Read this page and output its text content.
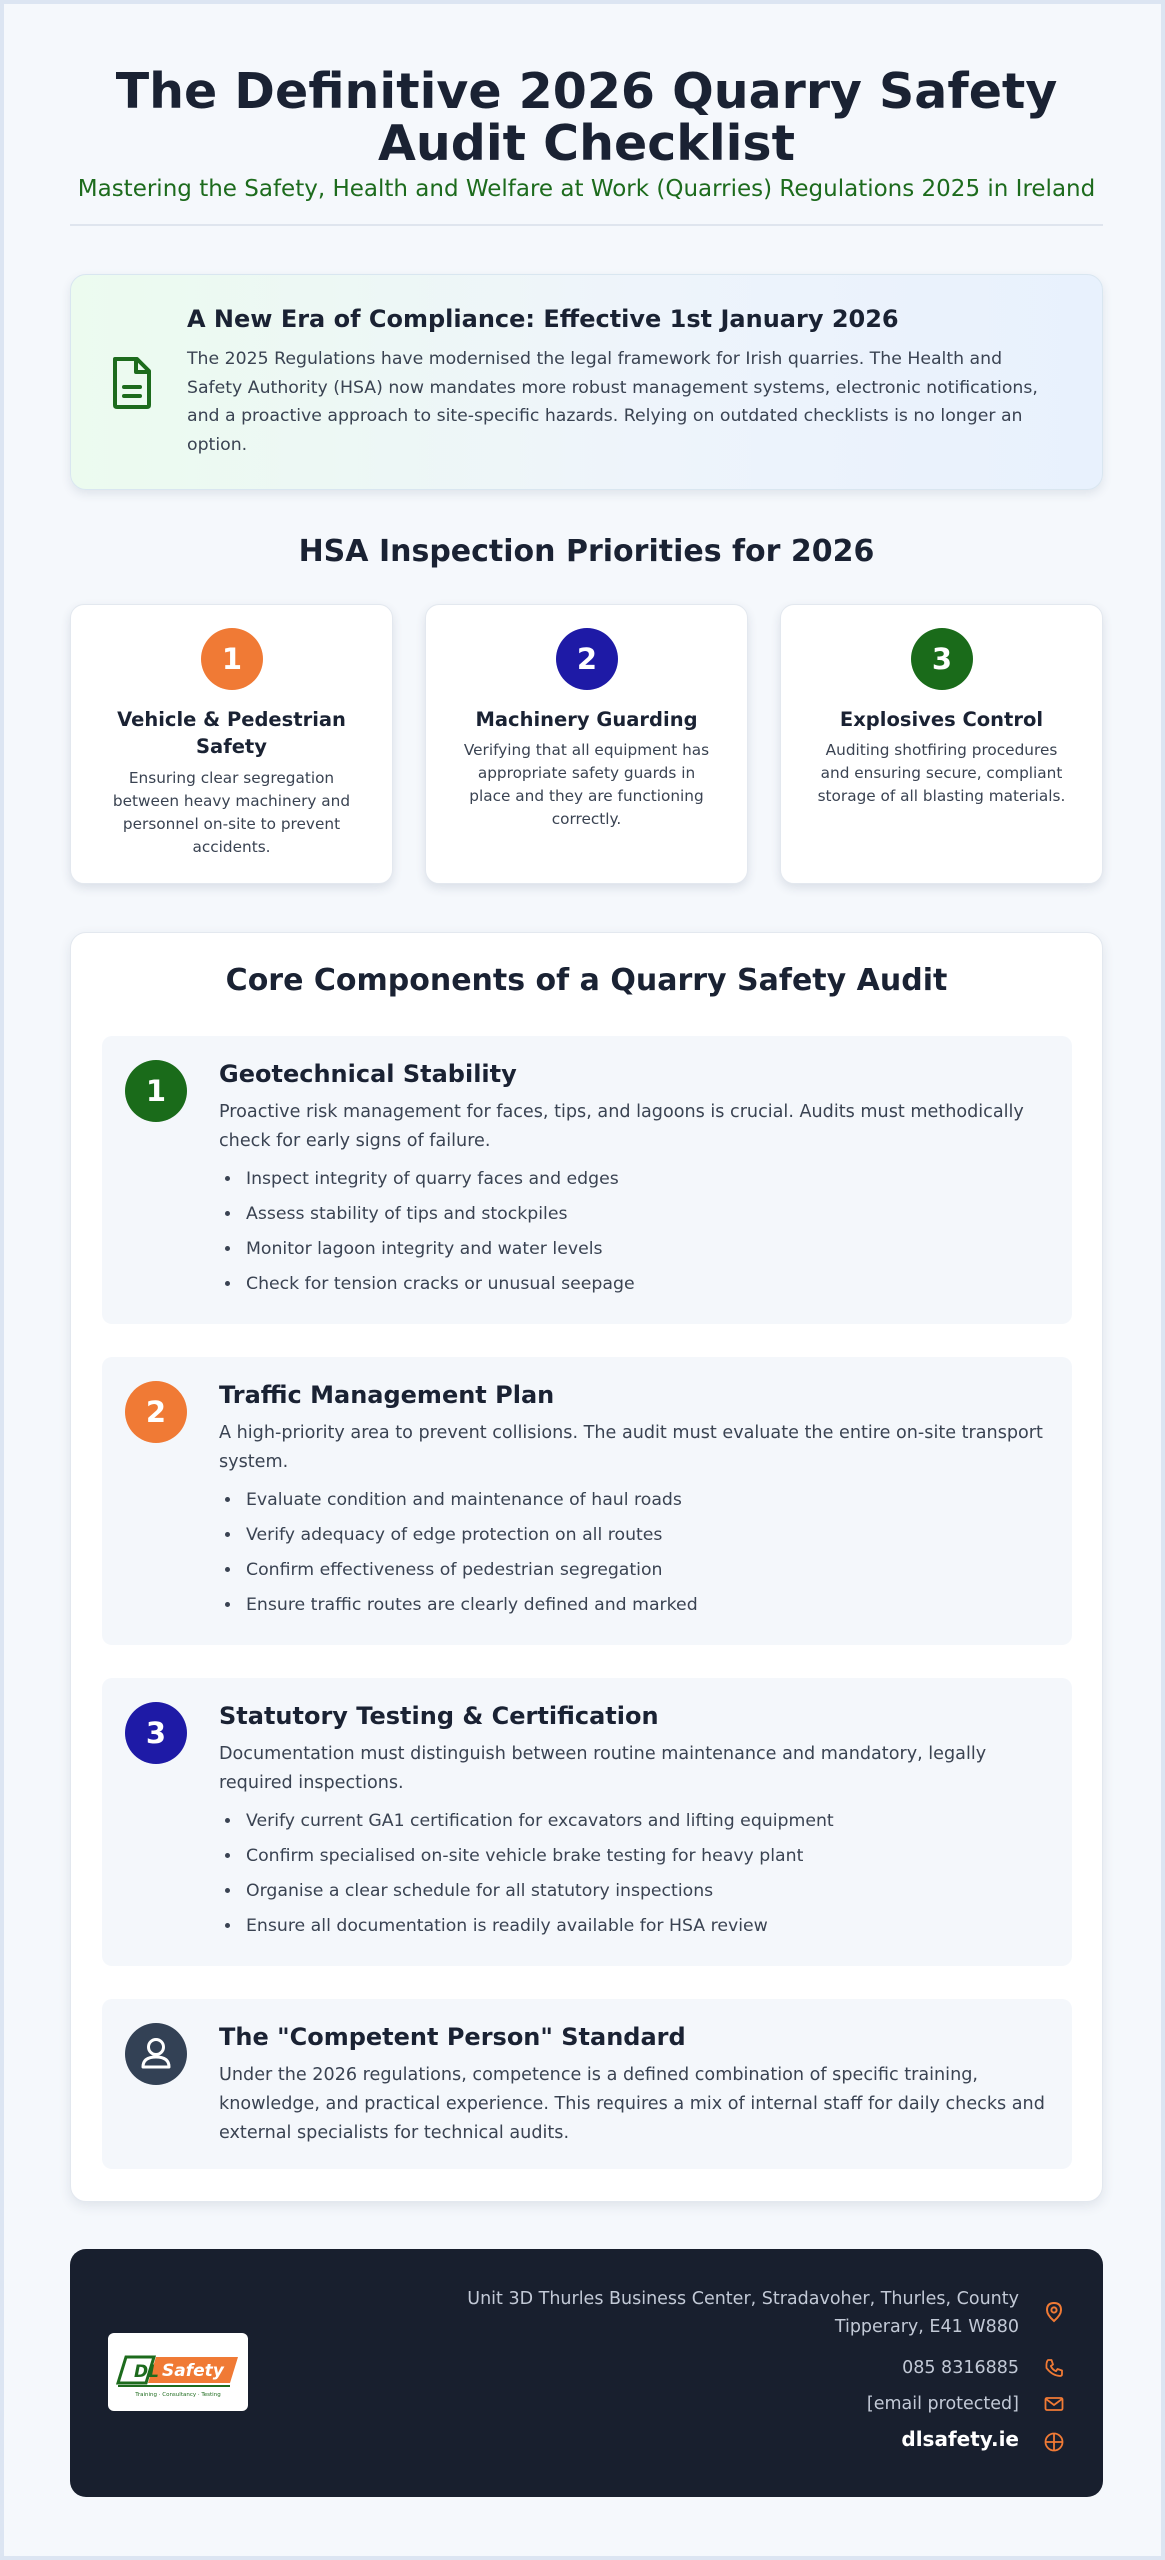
The Definitive 2026 Quarry Safety Audit Checklist
Mastering the Safety, Health and Welfare at Work (Quarries) Regulations 2025 in Ireland
A New Era of Compliance: Effective 1st January 2026

The 2025 Regulations have modernised the legal framework for Irish quarries. The Health and Safety Authority (HSA) now mandates more robust management systems, electronic notifications, and a proactive approach to site-specific hazards. Relying on outdated checklists is no longer an option.

HSA Inspection Priorities for 2026
1
Vehicle & Pedestrian Safety

Ensuring clear segregation between heavy machinery and personnel on-site to prevent accidents.

2
Machinery Guarding

Verifying that all equipment has appropriate safety guards in place and they are functioning correctly.

3
Explosives Control

Auditing shotfiring procedures and ensuring secure, compliant storage of all blasting materials.

Core Components of a Quarry Safety Audit
1	Geotechnical Stability

Proactive risk management for faces, tips, and lagoons is crucial. Audits must methodically check for early signs of failure.

• Inspect integrity of quarry faces and edges
• Assess stability of tips and stockpiles
• Monitor lagoon integrity and water levels
• Check for tension cracks or unusual seepage
2	Traffic Management Plan

A high-priority area to prevent collisions. The audit must evaluate the entire on-site transport system.

• Evaluate condition and maintenance of haul roads
• Verify adequacy of edge protection on all routes
• Confirm effectiveness of pedestrian segregation
• Ensure traffic routes are clearly defined and marked
3	Statutory Testing & Certification

Documentation must distinguish between routine maintenance and mandatory, legally required inspections.

• Verify current GA1 certification for excavators and lifting equipment
• Confirm specialised on-site vehicle brake testing for heavy plant
• Organise a clear schedule for all statutory inspections
• Ensure all documentation is readily available for HSA review
The "Competent Person" Standard

Under the 2026 regulations, competence is a defined combination of specific training, knowledge, and practical experience. This requires a mix of internal staff for daily checks and external specialists for technical audits.

DL Safety
Training · Consultancy · Testing
Unit 3D Thurles Business Center, Stradavoher, Thurles, County Tipperary, E41 W880
085 8316885
[email protected]
dlsafety.ie
